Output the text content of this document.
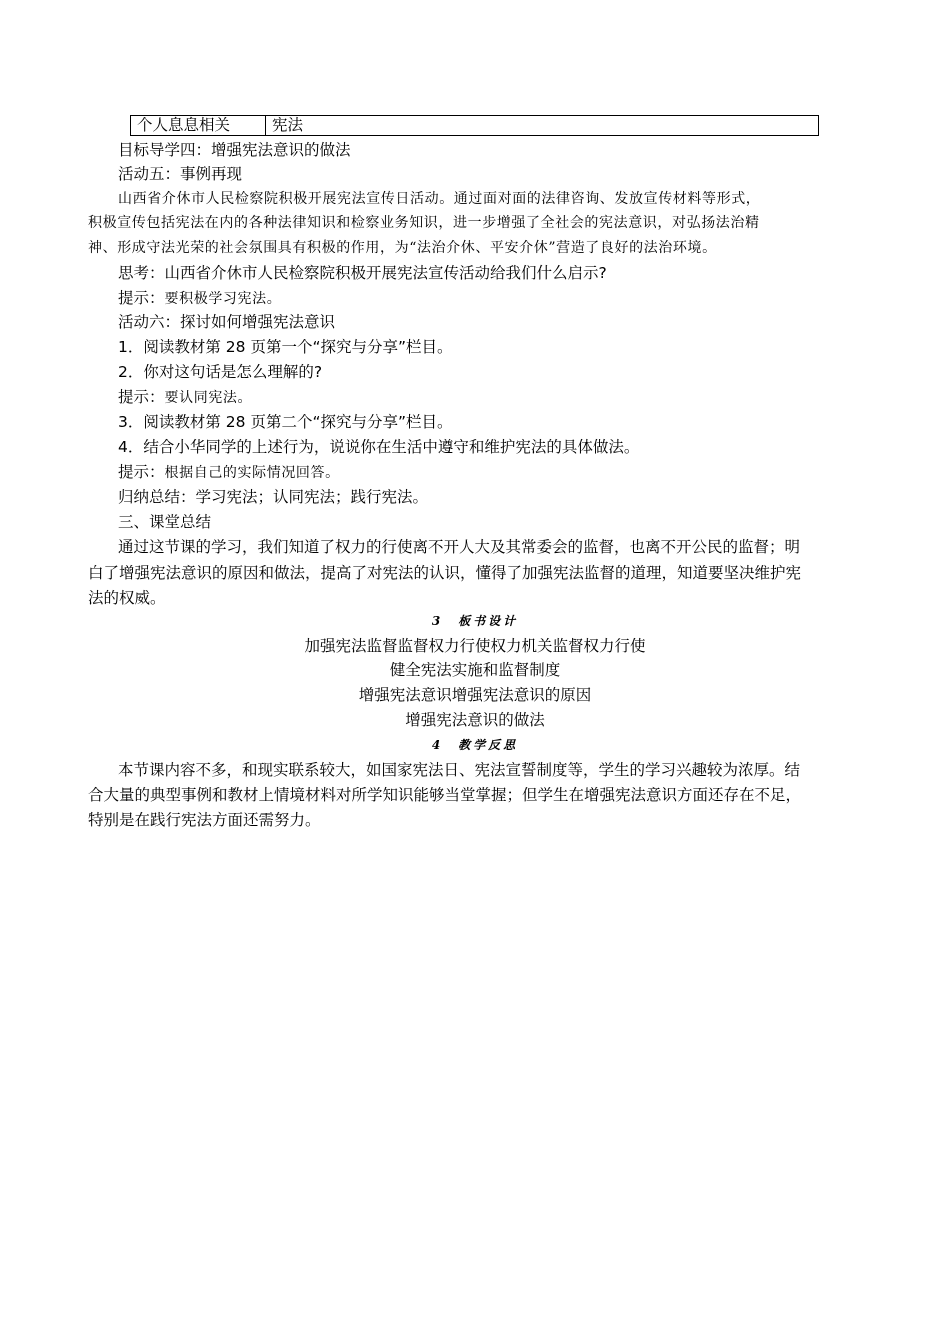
个人息息相关	宪法
目标导学四：增强宪法意识的做法
活动五：事例再现
山西省介休市人民检察院积极开展宪法宣传日活动。通过面对面的法律咨询、发放宣传材料等形式，
积极宣传包括宪法在内的各种法律知识和检察业务知识，进一步增强了全社会的宪法意识，对弘扬法治精
神、形成守法光荣的社会氛围具有积极的作用，为“法治介休、平安介休”营造了良好的法治环境。
思考：山西省介休市人民检察院积极开展宪法宣传活动给我们什么启示?
提示：要积极学习宪法。
活动六：探讨如何增强宪法意识
1．阅读教材第 28 页第一个“探究与分享”栏目。
2．你对这句话是怎么理解的?
提示：要认同宪法。
3．阅读教材第 28 页第二个“探究与分享”栏目。
4．结合小华同学的上述行为，说说你在生活中遵守和维护宪法的具体做法。
提示：根据自己的实际情况回答。
归纳总结：学习宪法；认同宪法；践行宪法。
三、课堂总结
通过这节课的学习，我们知道了权力的行使离不开人大及其常委会的监督，也离不开公民的监督；明
白了增强宪法意识的原因和做法，提高了对宪法的认识，懂得了加强宪法监督的道理，知道要坚决维护宪
法的权威。
3　板书设计
加强宪法监督监督权力行使权力机关监督权力行使
健全宪法实施和监督制度
增强宪法意识增强宪法意识的原因
增强宪法意识的做法
4　教学反思
本节课内容不多，和现实联系较大，如国家宪法日、宪法宣誓制度等，学生的学习兴趣较为浓厚。结
合大量的典型事例和教材上情境材料对所学知识能够当堂掌握；但学生在增强宪法意识方面还存在不足，
特别是在践行宪法方面还需努力。
